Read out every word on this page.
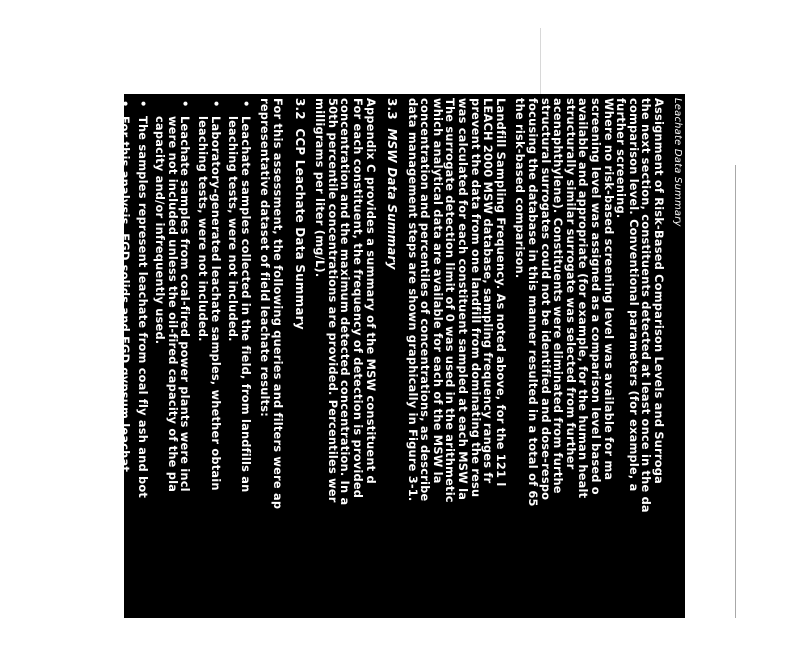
Leachate Data Summary
Assignment of Risk-Based Comparison Levels and Surroga
the next section, constituents detected at least once in the da
comparison level. Conventional parameters (for example, a
further screening.
Where no risk-based screening level was available for ma
screening level was assigned as a comparison level based o
available and appropriate (for example, for the human healt
structurally similar surrogate was selected from further
acenaphthylene). Constituents were eliminated from furthe
structural surrogates could not be identified and dose-respo
focusing the database in this manner resulted in a total of 65
the risk-based comparison.
Landfill Sampling Frequency. As noted above, for the 121 l
LEACH 2000 MSW database, sampling frequency ranges fr
prevent the data from one landfill from dominating the resu
was calculated for each constituent sampled at each MSW la
The surrogate detection limit of 0 was used in the arithmetic
which analytical data are available for each of the MSW la
concentration and percentiles of concentrations, as describe
data management steps are shown graphically in Figure 3-1.
3.3 MSW Data Summary
Appendix C provides a summary of the MSW constituent d
For each constituent, the frequency of detection is provided
concentration and the maximum detected concentration. In a
50th percentile concentrations are provided. Percentiles wer
milligrams per liter (mg/L).
3.2 CCP Leachate Data Summary
For this assessment, the following queries and filters were ap
representative dataset of field leachate results:
• Leachate samples collected in the field, from landfills an
leaching tests, were not included.
• Laboratory-generated leachate samples, whether obtain
leaching tests, were not included.
• Leachate samples from coal-fired power plants were incl
were not included unless the oil-fired capacity of the pla
capacity and/or infrequently used.
• The samples represent leachate from coal fly ash and bot
• For this analysis, FGD solids and FGD gypsum leachat
leachate samples from FGD materials mixed with fly ash
3-4
